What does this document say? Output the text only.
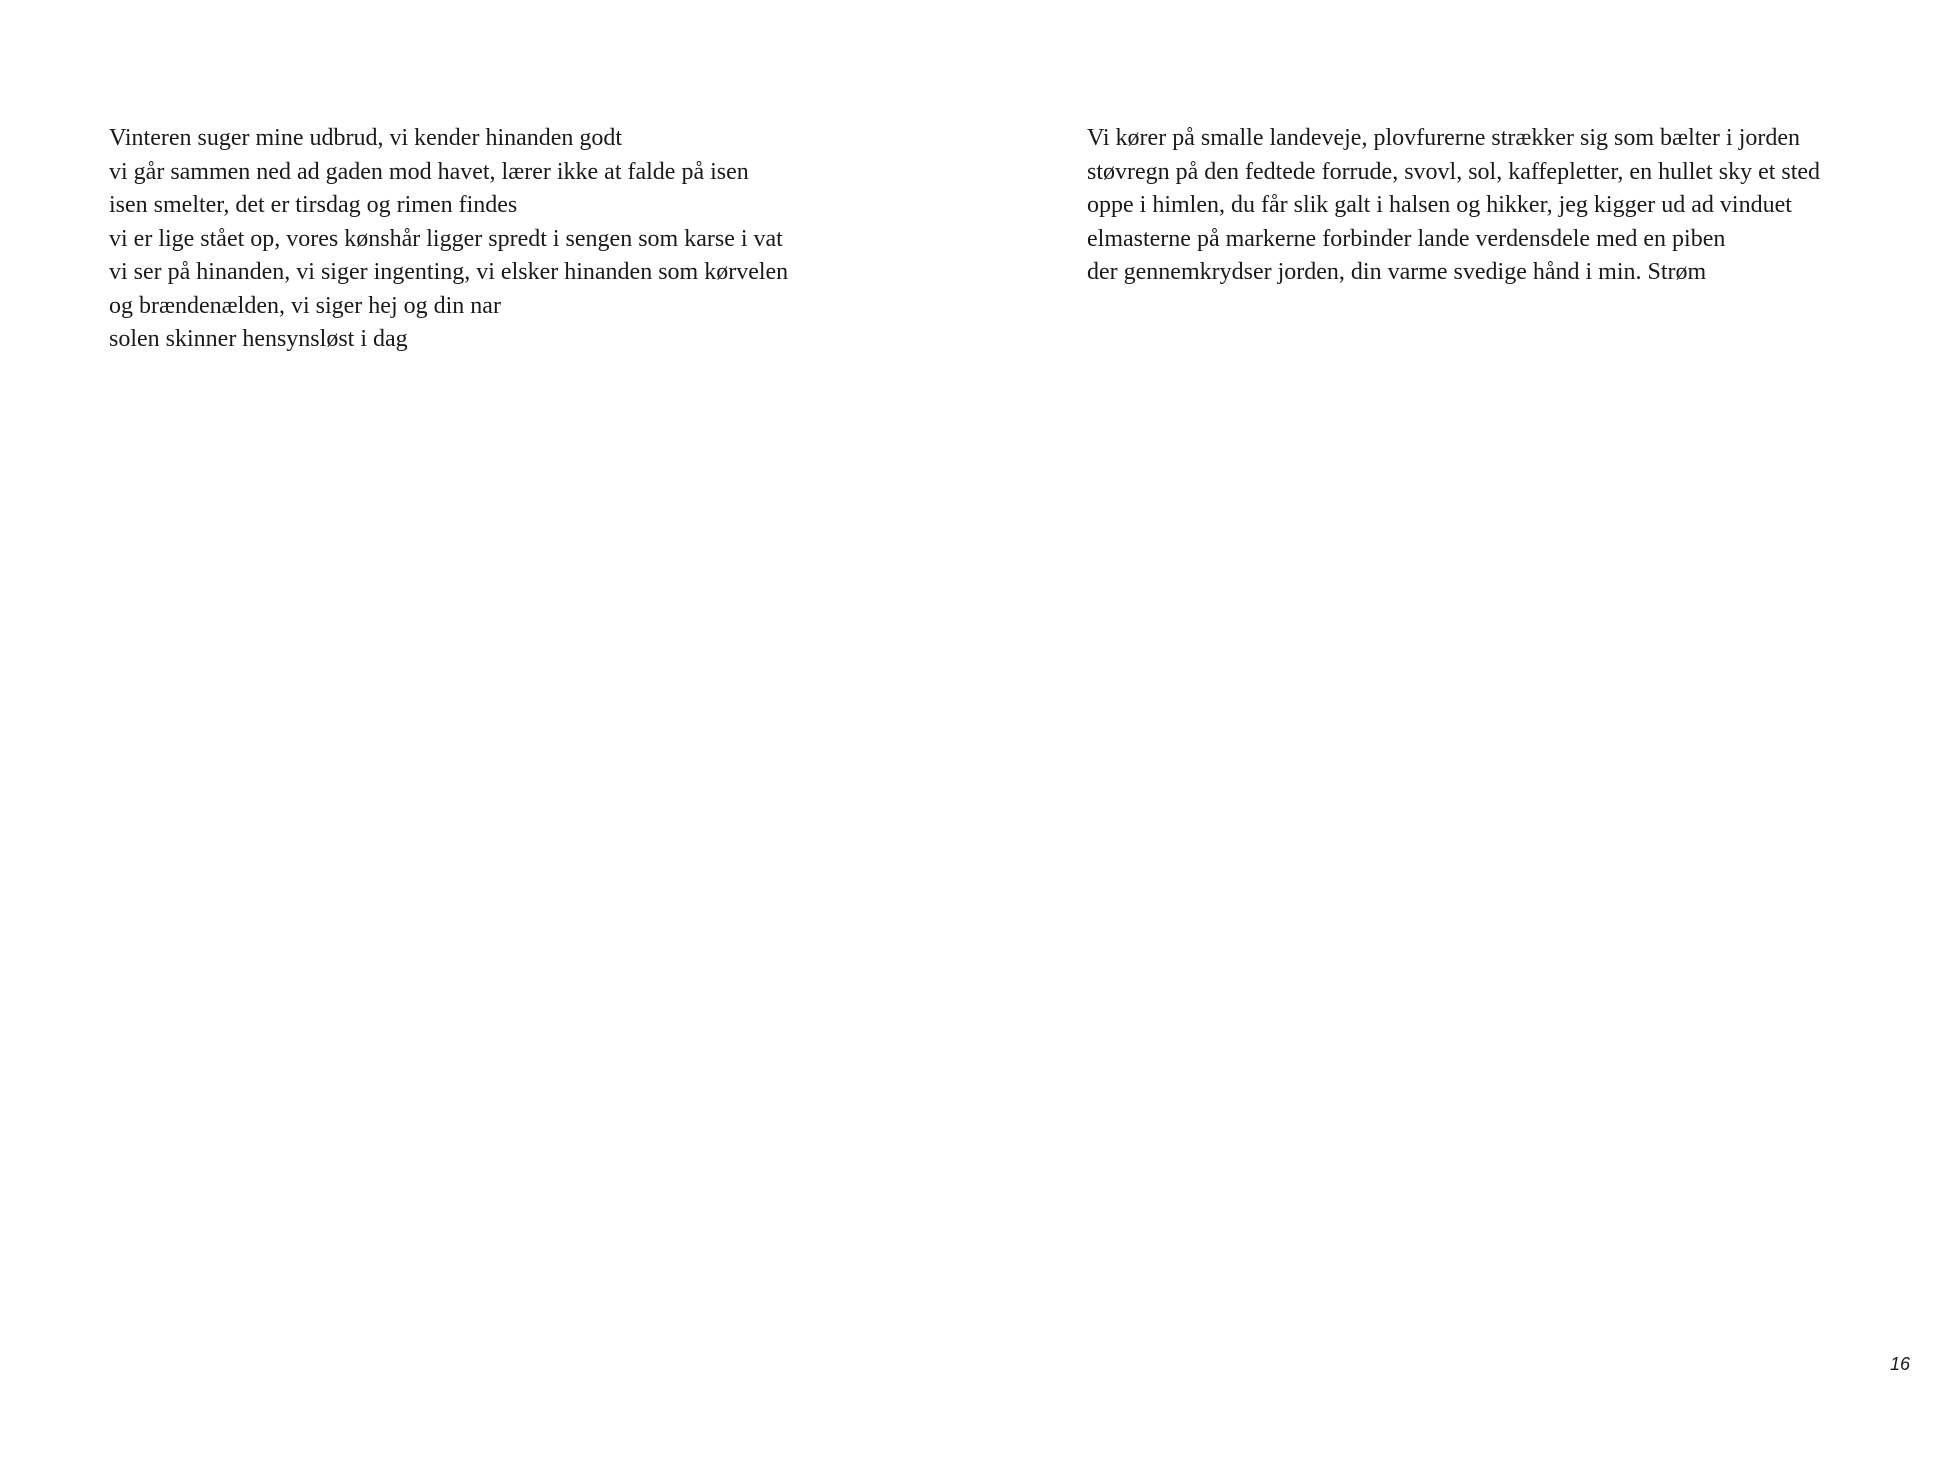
Vinteren suger mine udbrud, vi kender hinanden godt
vi går sammen ned ad gaden mod havet, lærer ikke at falde på isen
isen smelter, det er tirsdag og rimen findes
vi er lige stået op, vores kønshår ligger spredt i sengen som karse i vat
vi ser på hinanden, vi siger ingenting, vi elsker hinanden som kørvelen
og brændenælden, vi siger hej og din nar
solen skinner hensynsløst i dag
Vi kører på smalle landeveje, plovfurerne strækker sig som bælter i jorden
støvregn på den fedtede forrude, svovl, sol, kaffepletter, en hullet sky et sted
oppe i himlen, du får slik galt i halsen og hikker, jeg kigger ud ad vinduet
elmasterne på markerne forbinder lande verdensdele med en piben
der gennemkrydser jorden, din varme svedige hånd i min. Strøm
16
